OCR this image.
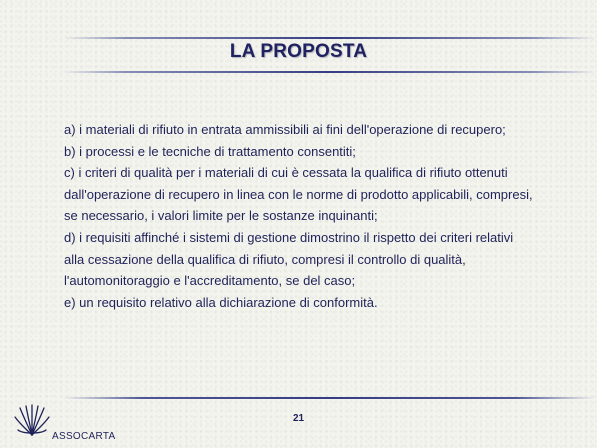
LA PROPOSTA

a) i materiali di rifiuto in entrata ammissibili ai fini dell'operazione di recupero;

b) i processi e le tecniche di trattamento consentiti;

c) i criteri di qualità per i materiali di cui è cessata la qualifica di rifiuto ottenuti dall'operazione di recupero in linea con le norme di prodotto applicabili, compresi, se necessario, i valori limite per le sostanze inquinanti;

d) i requisiti affinché i sistemi di gestione dimostrino il rispetto dei criteri relativi alla cessazione della qualifica di rifiuto, compresi il controllo di qualità, l'automonitoraggio e l'accreditamento, se del caso;

e) un requisito relativo alla dichiarazione di conformità.

ASSOCARTA
21
